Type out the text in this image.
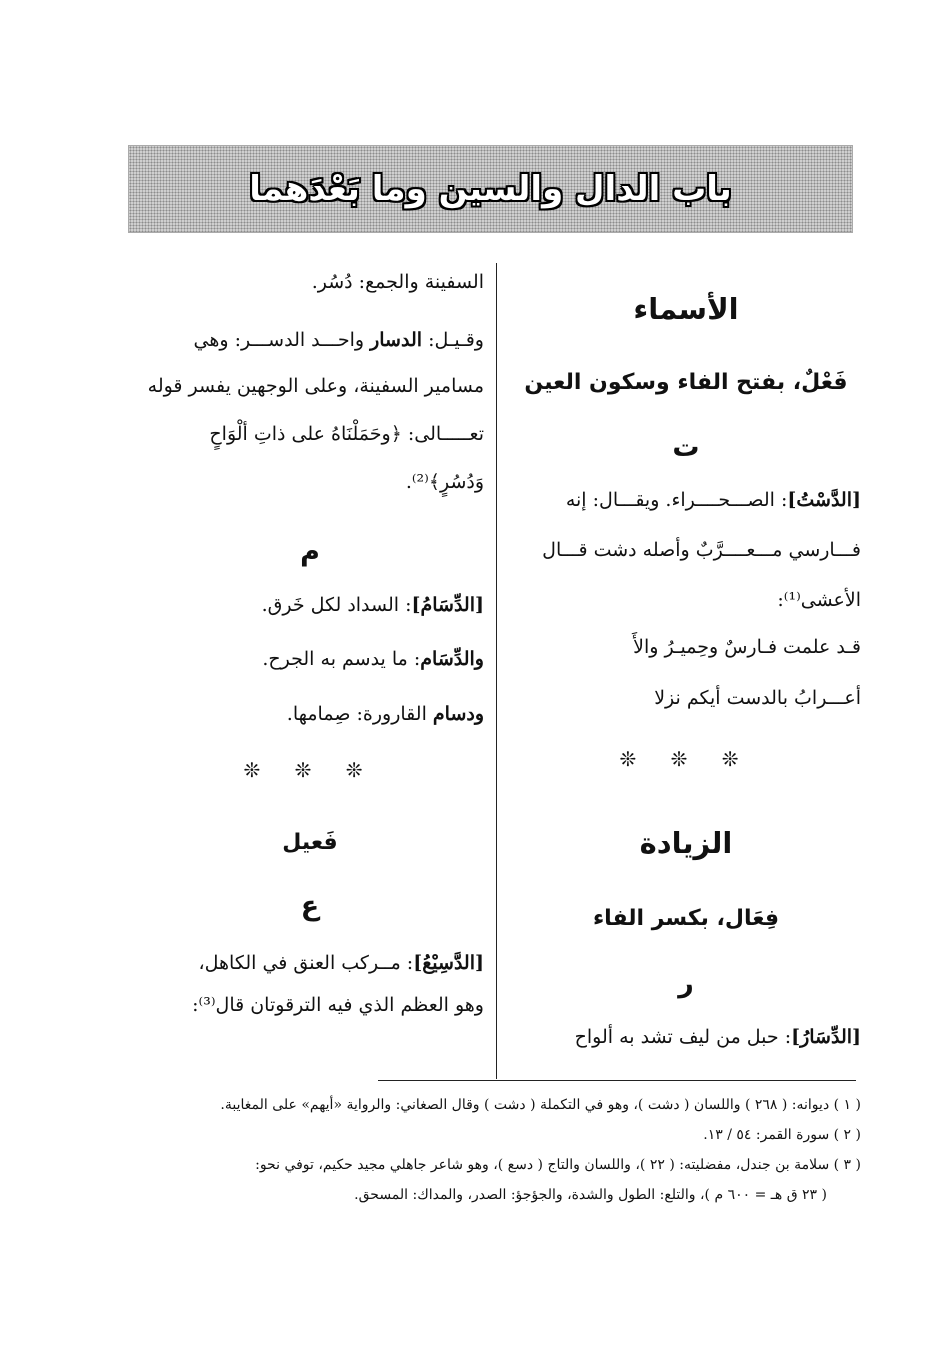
باب الدال والسين وما بَعْدَهما

الأسماء

فَعْلٌ، بفتح الفاء وسكون العين

ت

[الدَّسْتُ]: الصـــحــــراء. ويقـــال: إنه

فـــارسي مـــعــــرَّبٌ وأصله دشت قـــال

الأعشى⁽¹⁾:

قـد علمت فـارسٌ وحِميـرُ والأَ

أعـــرابُ بالدست أيكم نزلا

❊ ❊ ❊

الزيادة

فِعَال، بكسر الفاء

ر

[الدِّسَارُ]: حبل من ليف تشد به ألواح

السفينة والجمع: دُسُر.

وقـيـل: الدسار واحـــد الدســـر: وهي

مسامير السفينة، وعلى الوجهين يفسر قوله

تعـــــالى: ﴿وحَمَلْنَاهُ على ذاتِ ألْوَاحٍ

وَدُسُرٍ﴾⁽²⁾.

م

[الدِّسَامُ]: السداد لكل خَرق.

والدِّسَام: ما يدسم به الجرح.

ودسام القارورة: صِمامها.

❊ ❊ ❊

فَعيل

ع

[الدَّسِيْعُ]: مــركب العنق في الكاهل،

وهو العظم الذي فيه الترقوتان قال⁽³⁾:

( ١ ) ديوانه: ( ٢٦٨ ) واللسان ( دشت )، وهو في التكملة ( دشت ) وقال الصغاني: والرواية «أيهم» على المغايبة.

( ٢ ) سورة القمر: ٥٤ / ١٣.

( ٣ ) سلامة بن جندل، مفضليته: ( ٢٢ )، واللسان والتاج ( دسع )، وهو شاعر جاهلي مجيد حكيم، توفي نحو:

( ٢٣ ق هـ = ٦٠٠ م )، والتلع: الطول والشدة، والجؤجؤ: الصدر، والمداك: المسحق.
